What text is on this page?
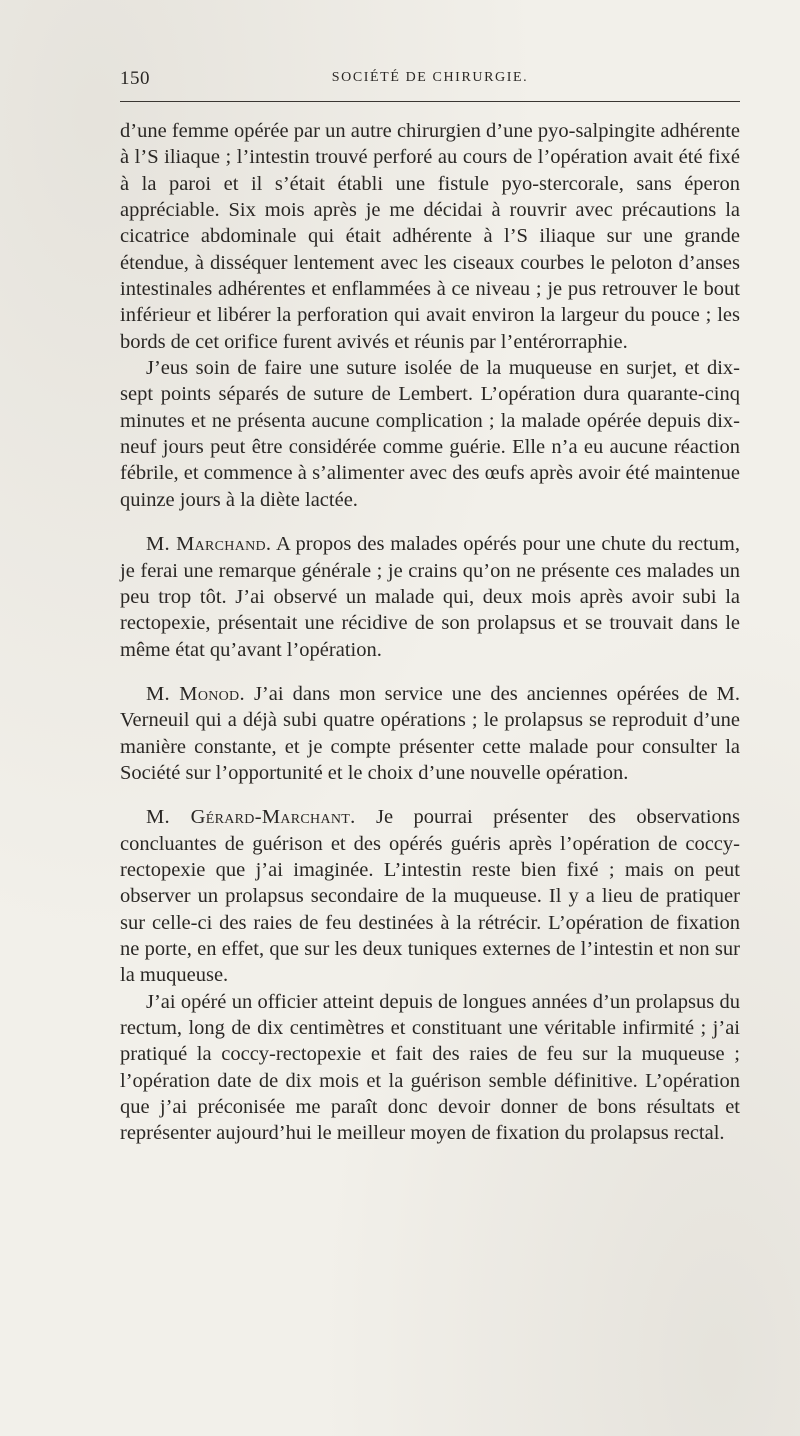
150	SOCIÉTÉ DE CHIRURGIE.

d’une femme opérée par un autre chirurgien d’une pyo-salpingite adhérente à l’S iliaque ; l’intestin trouvé perforé au cours de l’opération avait été fixé à la paroi et il s’était établi une fistule pyo-stercorale, sans éperon appréciable. Six mois après je me décidai à rouvrir avec précautions la cicatrice abdominale qui était adhérente à l’S iliaque sur une grande étendue, à disséquer lentement avec les ciseaux courbes le peloton d’anses intestinales adhérentes et enflammées à ce niveau ; je pus retrouver le bout inférieur et libérer la perforation qui avait environ la largeur du pouce ; les bords de cet orifice furent avivés et réunis par l’entérorraphie.

J’eus soin de faire une suture isolée de la muqueuse en surjet, et dix-sept points séparés de suture de Lembert. L’opération dura quarante-cinq minutes et ne présenta aucune complication ; la malade opérée depuis dix-neuf jours peut être considérée comme guérie. Elle n’a eu aucune réaction fébrile, et commence à s’alimenter avec des œufs après avoir été maintenue quinze jours à la diète lactée.

M. Marchand. A propos des malades opérés pour une chute du rectum, je ferai une remarque générale ; je crains qu’on ne présente ces malades un peu trop tôt. J’ai observé un malade qui, deux mois après avoir subi la rectopexie, présentait une récidive de son prolapsus et se trouvait dans le même état qu’avant l’opération.

M. Monod. J’ai dans mon service une des anciennes opérées de M. Verneuil qui a déjà subi quatre opérations ; le prolapsus se reproduit d’une manière constante, et je compte présenter cette malade pour consulter la Société sur l’opportunité et le choix d’une nouvelle opération.

M. Gérard-Marchant. Je pourrai présenter des observations concluantes de guérison et des opérés guéris après l’opération de coccy-rectopexie que j’ai imaginée. L’intestin reste bien fixé ; mais on peut observer un prolapsus secondaire de la muqueuse. Il y a lieu de pratiquer sur celle-ci des raies de feu destinées à la rétrécir. L’opération de fixation ne porte, en effet, que sur les deux tuniques externes de l’intestin et non sur la muqueuse.

J’ai opéré un officier atteint depuis de longues années d’un prolapsus du rectum, long de dix centimètres et constituant une véritable infirmité ; j’ai pratiqué la coccy-rectopexie et fait des raies de feu sur la muqueuse ; l’opération date de dix mois et la guérison semble définitive. L’opération que j’ai préconisée me paraît donc devoir donner de bons résultats et représenter aujourd’hui le meilleur moyen de fixation du prolapsus rectal.
